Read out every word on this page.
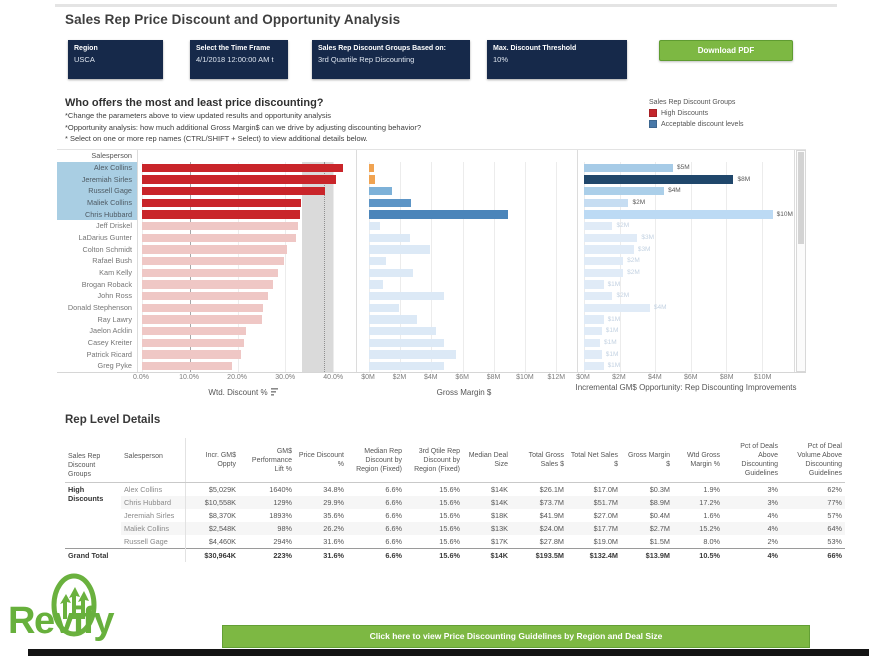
Sales Rep Price Discount and Opportunity Analysis
Region
USCA
Select the Time Frame
4/1/2018 12:00:00 AM t
Sales Rep Discount Groups Based on:
3rd Quartile Rep Discounting
Max. Discount Threshold
10%
Download PDF
Who offers the most and least price discounting?
*Change the parameters above to view updated results and opportunity analysis
*Opportunity analysis: how much additional Gross Margin$ can we drive by adjusting discounting behavior?
* Select on one or more rep names (CTRL/SHIFT + Select) to view additional details below.
Sales Rep Discount Groups
High Discounts
Acceptable discount levels
Salesperson
Alex Collins
Jeremiah Sirles
Russell Gage
Maliek Collins
Chris Hubbard
Jeff Driskel
LaDarius Gunter
Colton Schmidt
Rafael Bush
Kam Kelly
Brogan Roback
John Ross
Donald Stephenson
Ray Lawry
Jaelon Acklin
Casey Kreiter
Patrick Ricard
Greg Pyke
$5M
$8M
$4M
$2M
$10M
$2M
$3M
$3M
$2M
$2M
$1M
$2M
$4M
$1M
$1M
$1M
$1M
$1M
0.0%	10.0%	20.0%	30.0%	40.0%	$0M	$2M	$4M	$6M	$8M $10M $12M $0M	$2M	$4M	$6M	$8M	$10M
Wtd. Discount %	Gross Margin $
Incremental GM$ Opportunity: Rep Discounting Improvements
Rep Level Details
Sales Rep Discount Groups	Salesperson	Incr. GM$ Oppty	GM$ Performance Lift %	Price Discount %	Median Rep Discount by Region (Fixed)	3rd Qtile Rep Discount by Region (Fixed)	Median Deal Size	Total Gross Sales $	Total Net Sales $	Gross Margin $	Wtd Gross Margin %	Pct of Deals Above Discounting Guidelines	Pct of Deal Volume Above Discounting Guidelines
High Discounts	Alex Collins	$5,029K	1640%	34.8%	6.6%	15.6%	$14K	$26.1M	$17.0M	$0.3M	1.9%	3%	62%
	Chris Hubbard	$10,558K	129%	29.9%	6.6%	15.6%	$14K	$73.7M	$51.7M	$8.9M	17.2%	3%	77%
	Jeremiah Sirles	$8,370K	1893%	35.6%	6.6%	15.6%	$18K	$41.9M	$27.0M	$0.4M	1.6%	4%	57%
	Maliek Collins	$2,548K	98%	26.2%	6.6%	15.6%	$13K	$24.0M	$17.7M	$2.7M	15.2%	4%	64%
	Russell Gage	$4,460K	294%	31.6%	6.6%	15.6%	$17K	$27.8M	$19.0M	$1.5M	8.0%	2%	53%
Grand Total		$30,964K	223%	31.6%	6.6%	15.6%	$14K	$193.5M	$132.4M	$13.9M	10.5%	4%	66%
Revify	Click here to view Price Discounting Guidelines by Region and Deal Size
